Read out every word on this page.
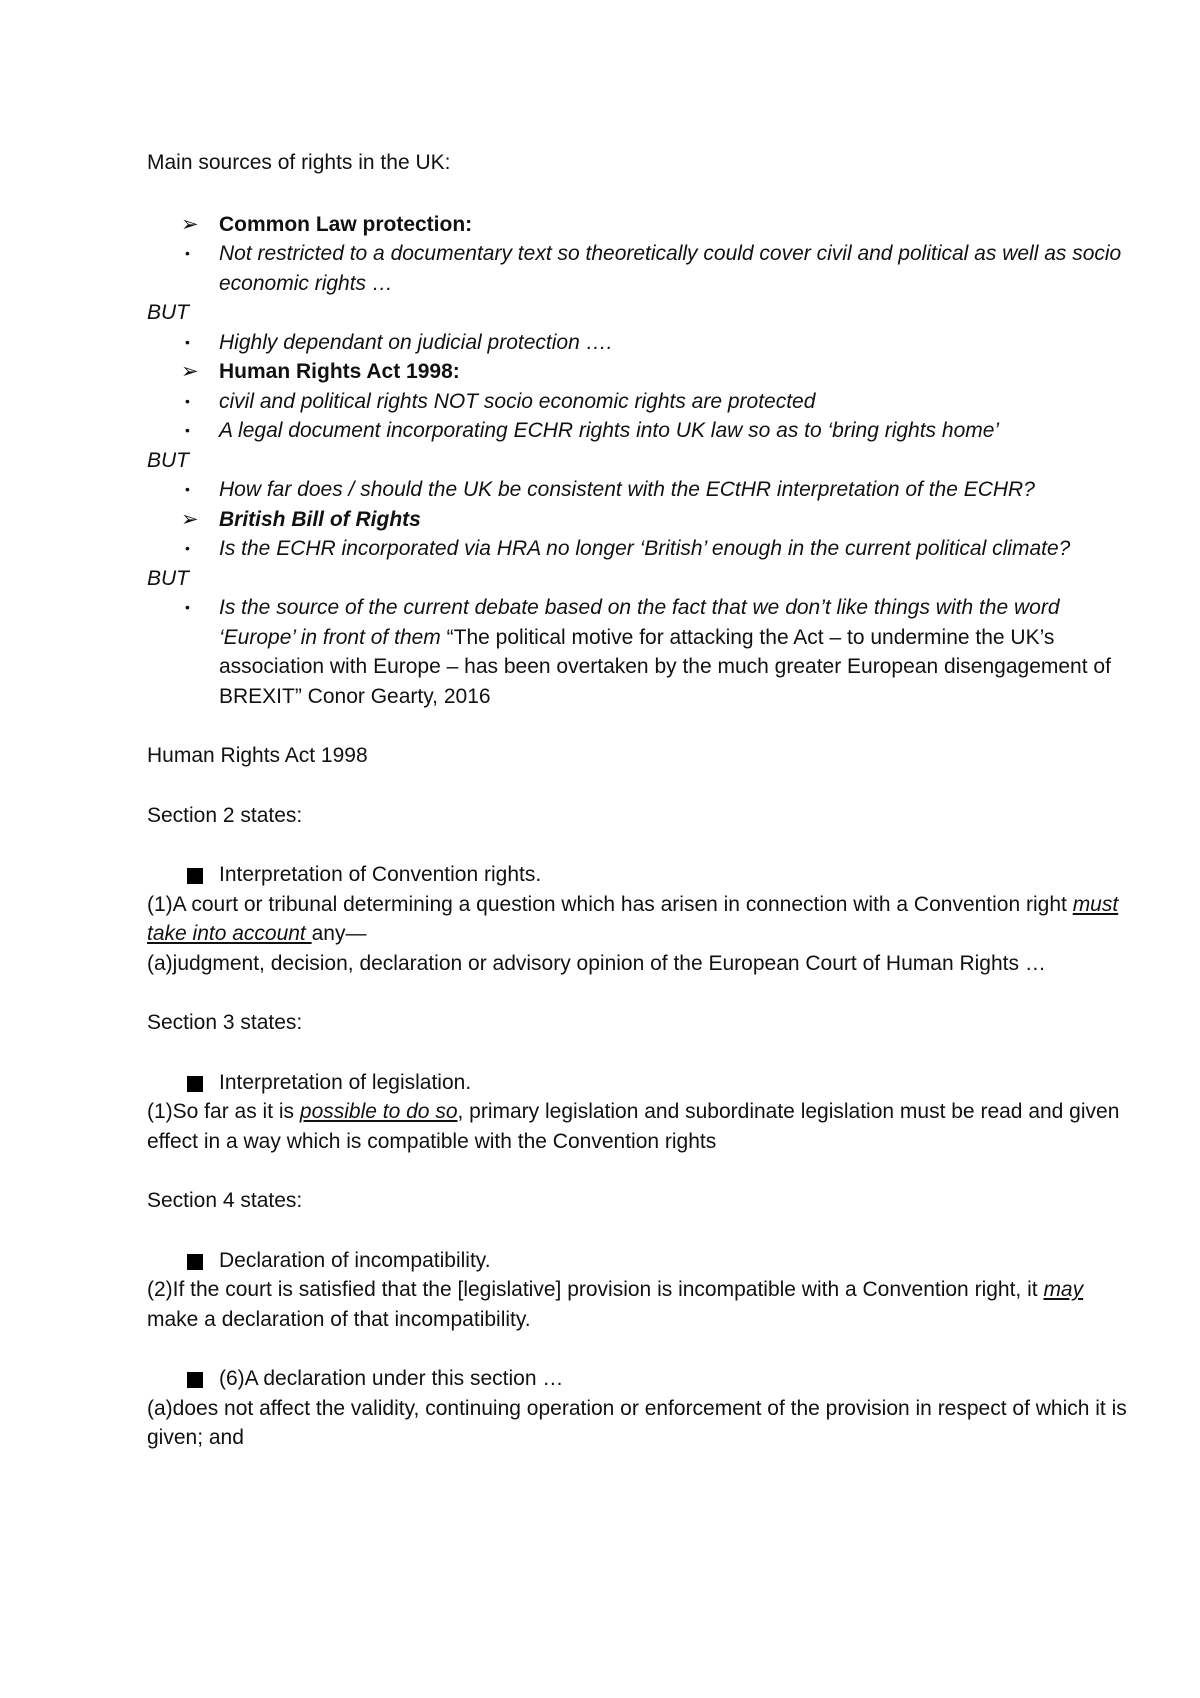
Main sources of rights in the UK:

➢ Common Law protection:
•	Not restricted to a documentary text so theoretically could cover civil and political as well as socio economic rights …

BUT

•	Highly dependant on judicial protection ….
➢ Human Rights Act 1998:
•	civil and political rights NOT socio economic rights are protected
•	A legal document incorporating ECHR rights into UK law so as to ‘bring rights home’

BUT

•	How far does / should the UK be consistent with the ECtHR interpretation of the ECHR?
➢ British Bill of Rights
•	Is the ECHR incorporated via HRA no longer ‘British’ enough in the current political climate?

BUT

•	Is the source of the current debate based on the fact that we don’t like things with the word ‘Europe’ in front of them “The political motive for attacking the Act – to undermine the UK’s association with Europe – has been overtaken by the much greater European disengagement of BREXIT” Conor Gearty, 2016

Human Rights Act 1998

Section 2 states:

Interpretation of Convention rights.

(1)A court or tribunal determining a question which has arisen in connection with a Convention right must take into account any—

(a)judgment, decision, declaration or advisory opinion of the European Court of Human Rights …

Section 3 states:

Interpretation of legislation.

(1)So far as it is possible to do so, primary legislation and subordinate legislation must be read and given effect in a way which is compatible with the Convention rights

Section 4 states:

Declaration of incompatibility.

(2)If the court is satisfied that the [legislative] provision is incompatible with a Convention right, it may make a declaration of that incompatibility.

(6)A declaration under this section …

(a)does not affect the validity, continuing operation or enforcement of the provision in respect of which it is given; and
